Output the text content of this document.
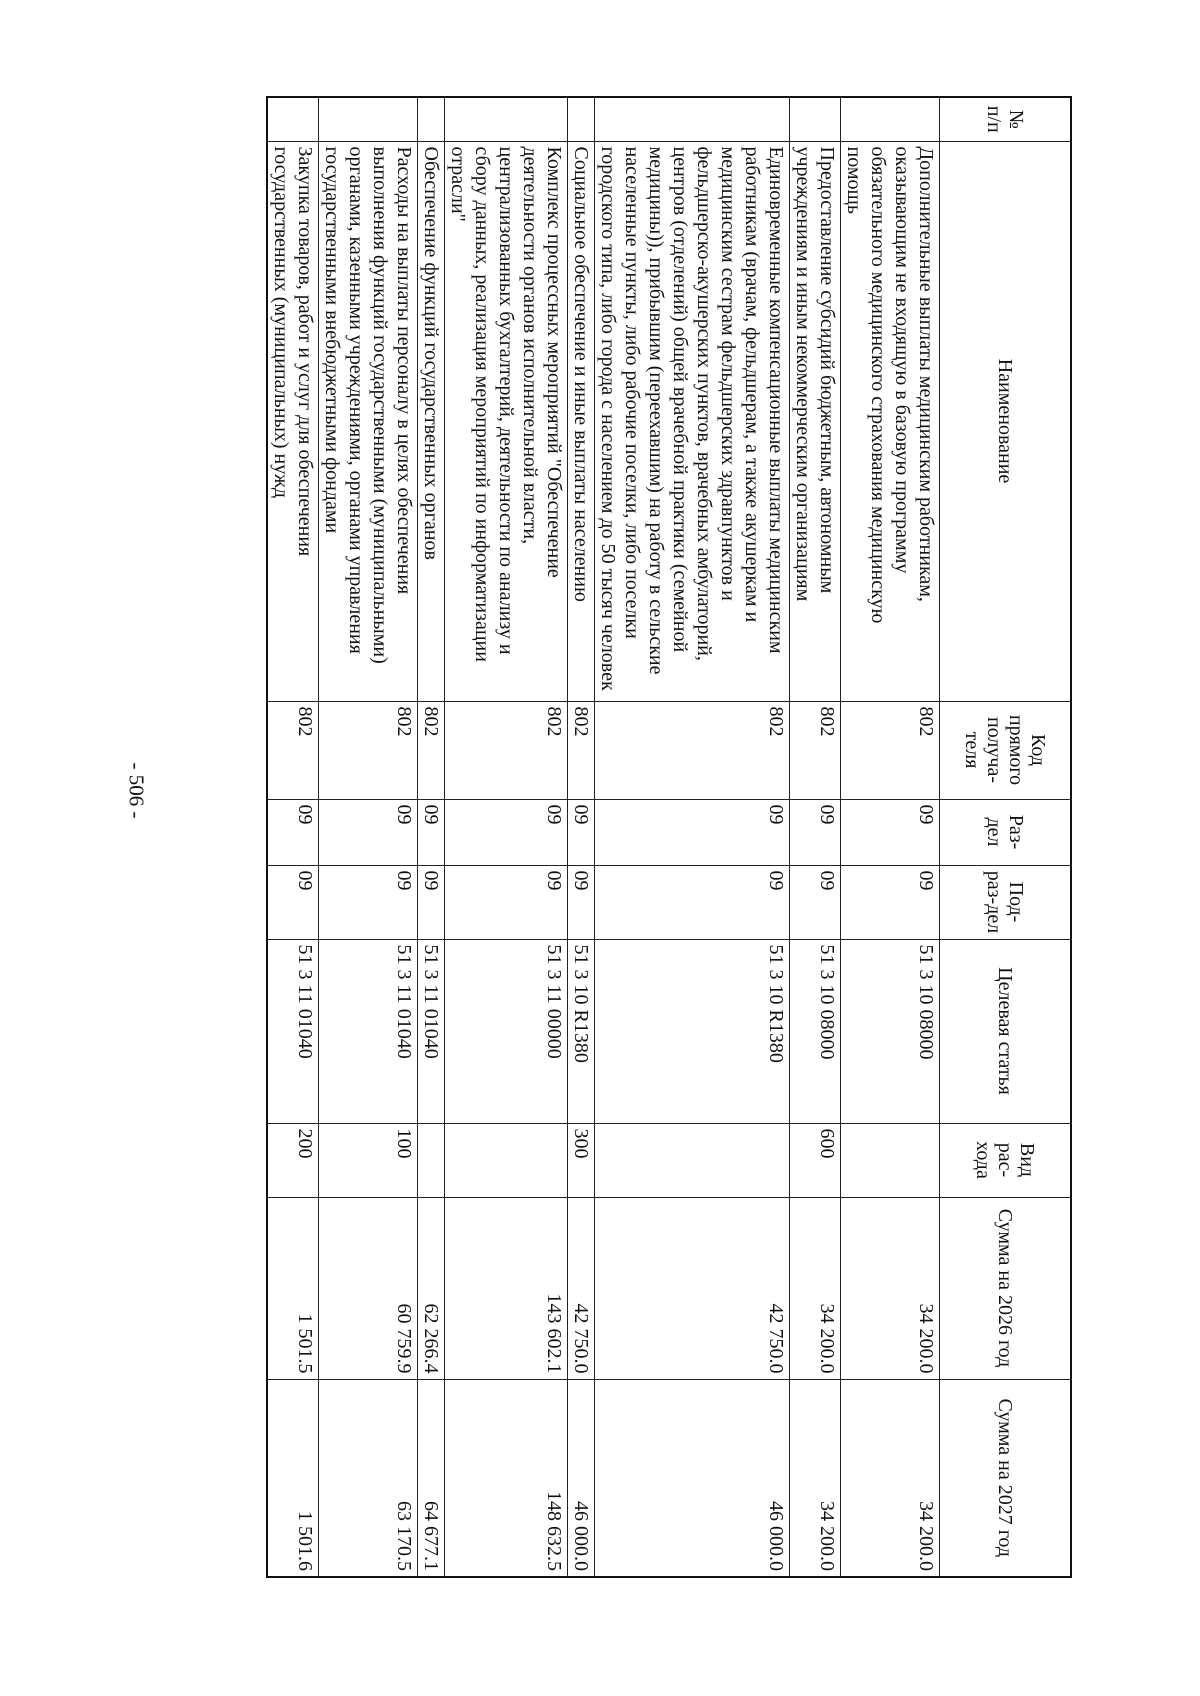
- 506 -
№ п/п	Наименование	Код прямого получа-теля	Раз-дел	Под-раз-дел	Целевая статья	Вид рас-хода	Сумма на 2026 год	Сумма на 2027 год
	Дополнительные выплаты медицинским работникам, оказывающим не входящую в базовую программу обязательного медицинского страхования медицинскую помощь	802	09	09	51 3 10 08000		34 200.0	34 200.0
	Предоставление субсидий бюджетным, автономным учреждениям и иным некоммерческим организациям	802	09	09	51 3 10 08000	600	34 200.0	34 200.0
	Единовременные компенсационные выплаты медицинским работникам (врачам, фельдшерам, а также акушеркам и медицинским сестрам фельдшерских здравпунктов и фельдшерско-акушерских пунктов, врачебных амбулаторий, центров (отделений) общей врачебной практики (семейной медицины)), прибывшим (переехавшим) на работу в сельские населенные пункты, либо рабочие поселки, либо поселки городского типа, либо города с населением до 50 тысяч человек	802	09	09	51 3 10 R1380		42 750.0	46 000.0
	Социальное обеспечение и иные выплаты населению	802	09	09	51 3 10 R1380	300	42 750.0	46 000.0
	Комплекс процессных мероприятий "Обеспечение деятельности органов исполнительной власти, централизованных бухгалтерий, деятельности по анализу и сбору данных, реализация мероприятий по информатизации отрасли"	802	09	09	51 3 11 00000		143 602.1	148 632.5
	Обеспечение функций государственных органов	802	09	09	51 3 11 01040		62 266.4	64 677.1
	Расходы на выплаты персоналу в целях обеспечения выполнения функций государственными (муниципальными) органами, казенными учреждениями, органами управления государственными внебюджетными фондами	802	09	09	51 3 11 01040	100	60 759.9	63 170.5
	Закупка товаров, работ и услуг для обеспечения государственных (муниципальных) нужд	802	09	09	51 3 11 01040	200	1 501.5	1 501.6
